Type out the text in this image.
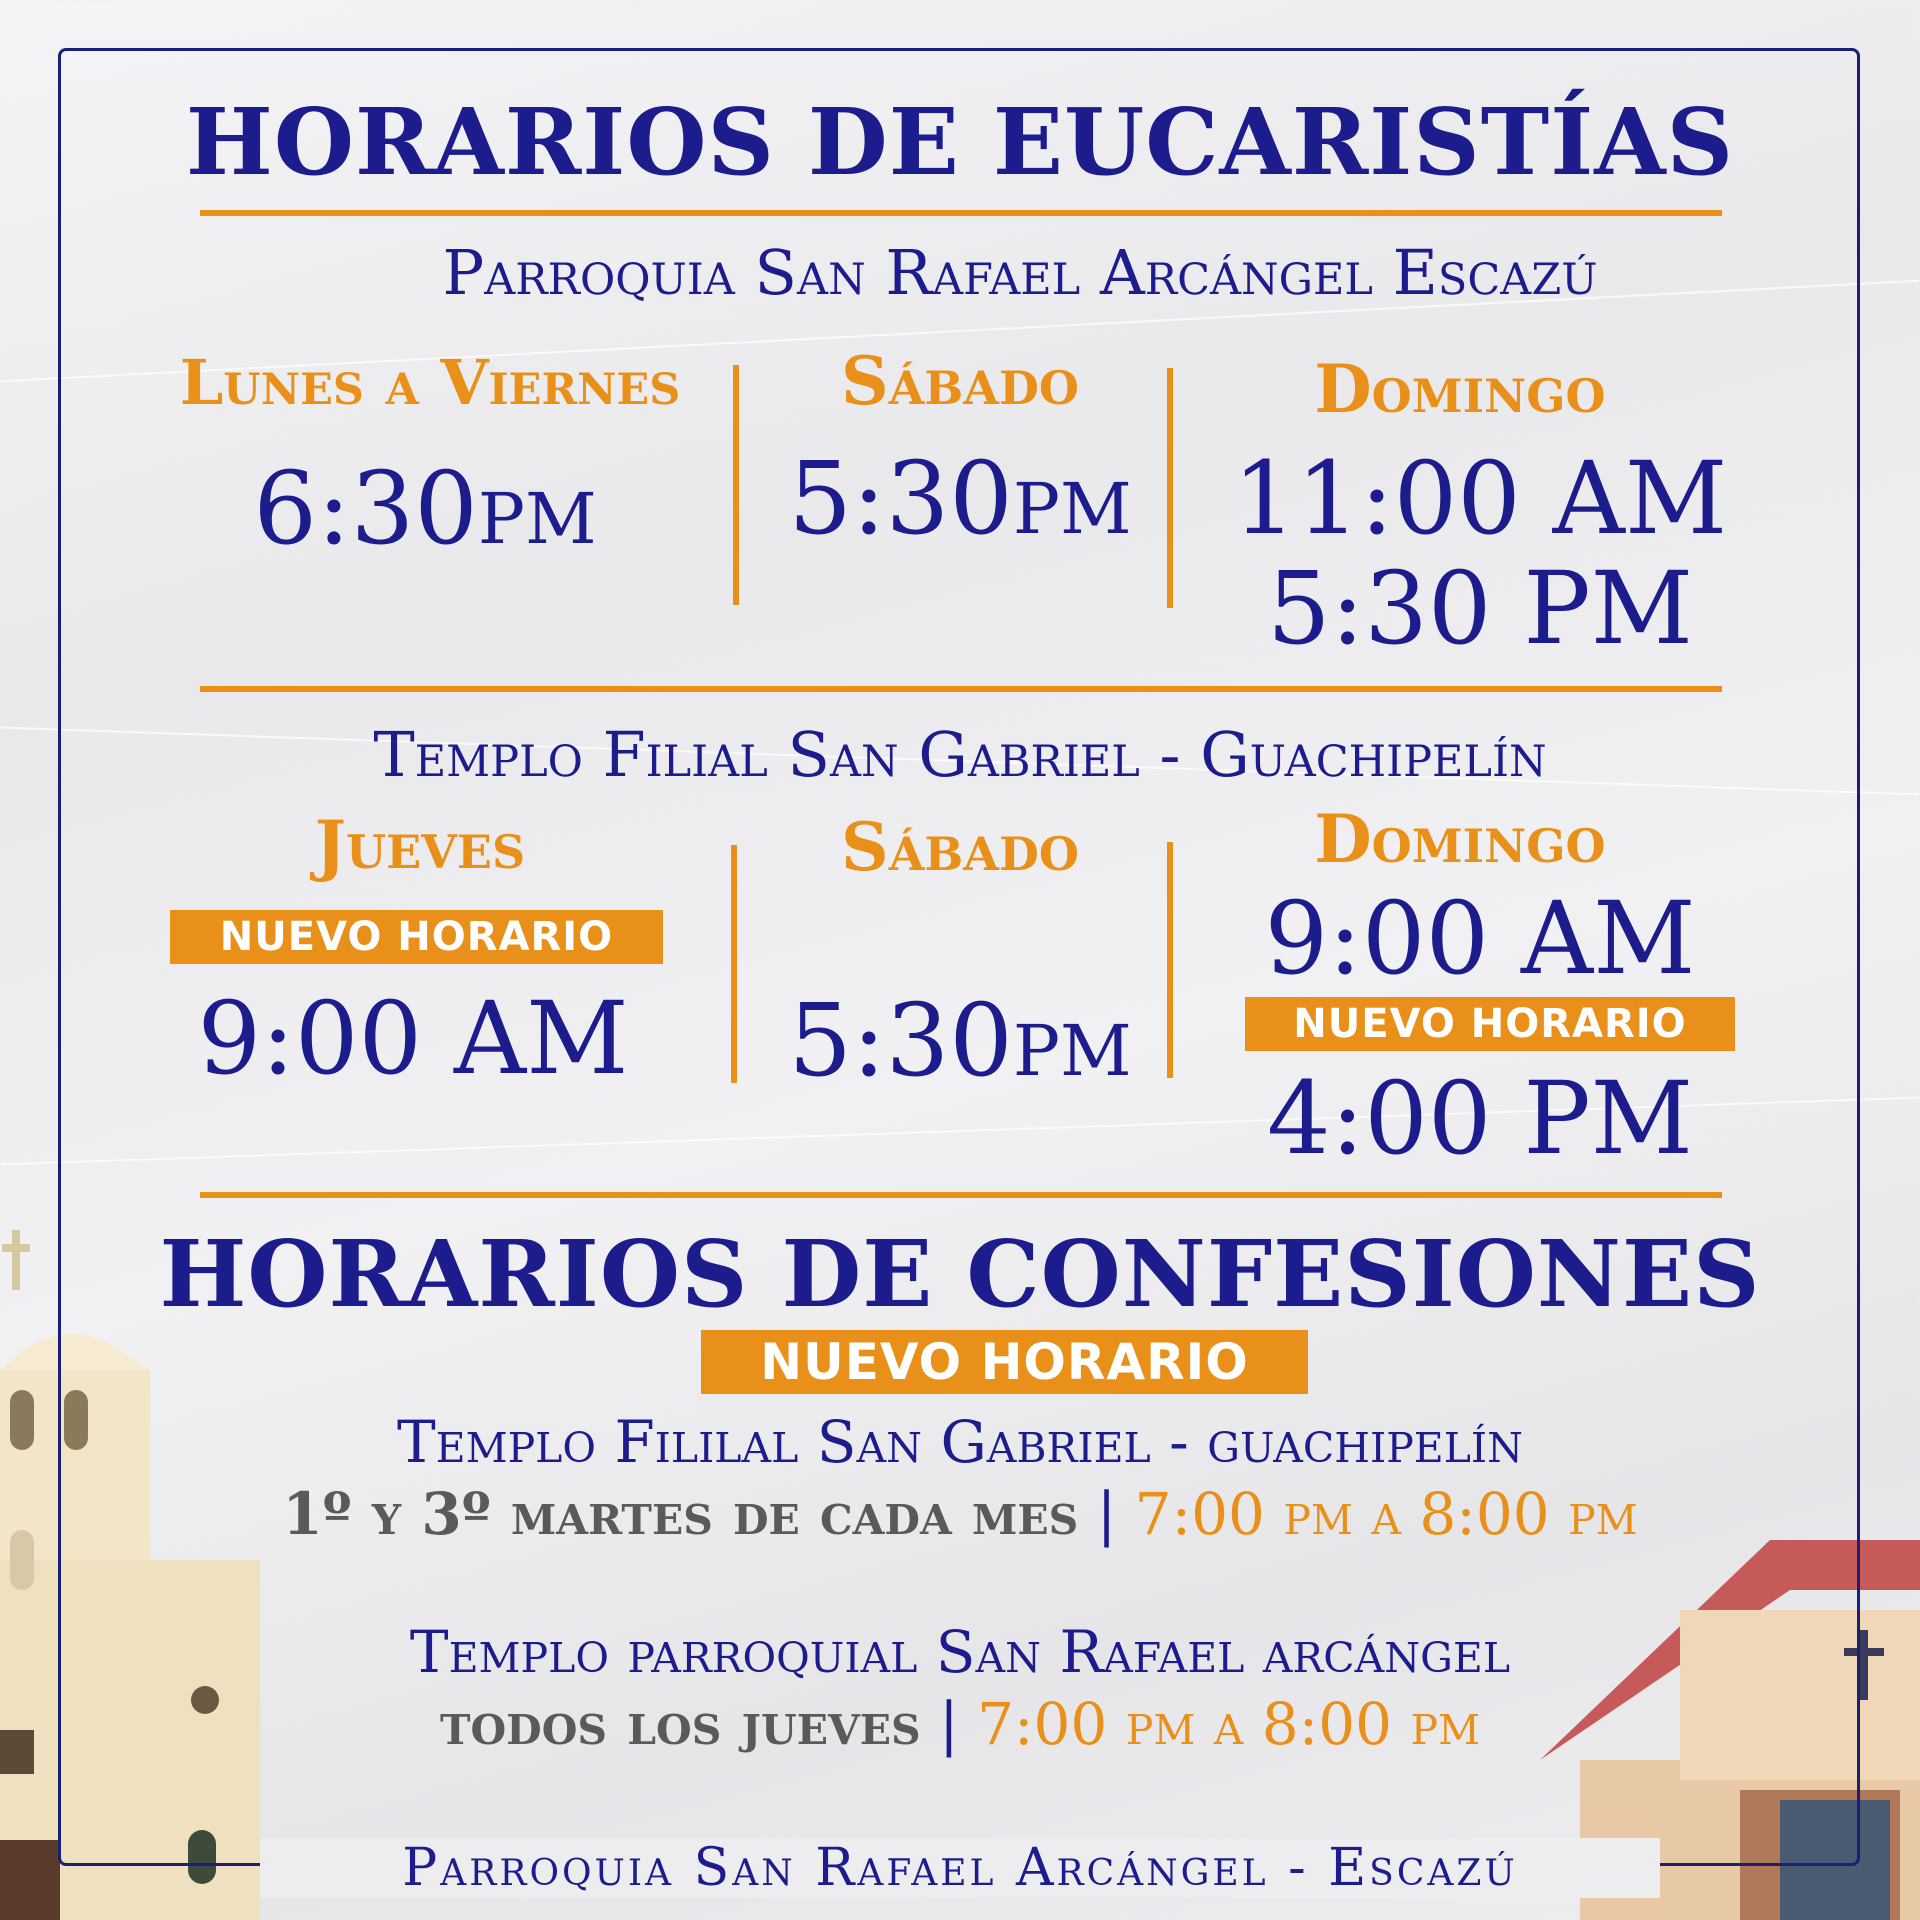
HORARIOS DE EUCARISTÍAS
Parroquia San Rafael Arcángel Escazú
Lunes a Viernes
6:30pm
Sábado
5:30pm
Domingo
11:00 AM
5:30 PM
Templo Filial San Gabriel - Guachipelín
Jueves
NUEVO HORARIO
9:00 AM
Sábado
5:30pm
Domingo
9:00 AM
NUEVO HORARIO
4:00 PM
HORARIOS DE CONFESIONES
NUEVO HORARIO
Templo Fililal San Gabriel - guachipelín
1º y 3º martes de cada mes | 7:00 pm a 8:00 pm
Templo parroquial San Rafael arcángel
todos los jueves | 7:00 pm a 8:00 pm
Parroquia San Rafael Arcángel - Escazú
